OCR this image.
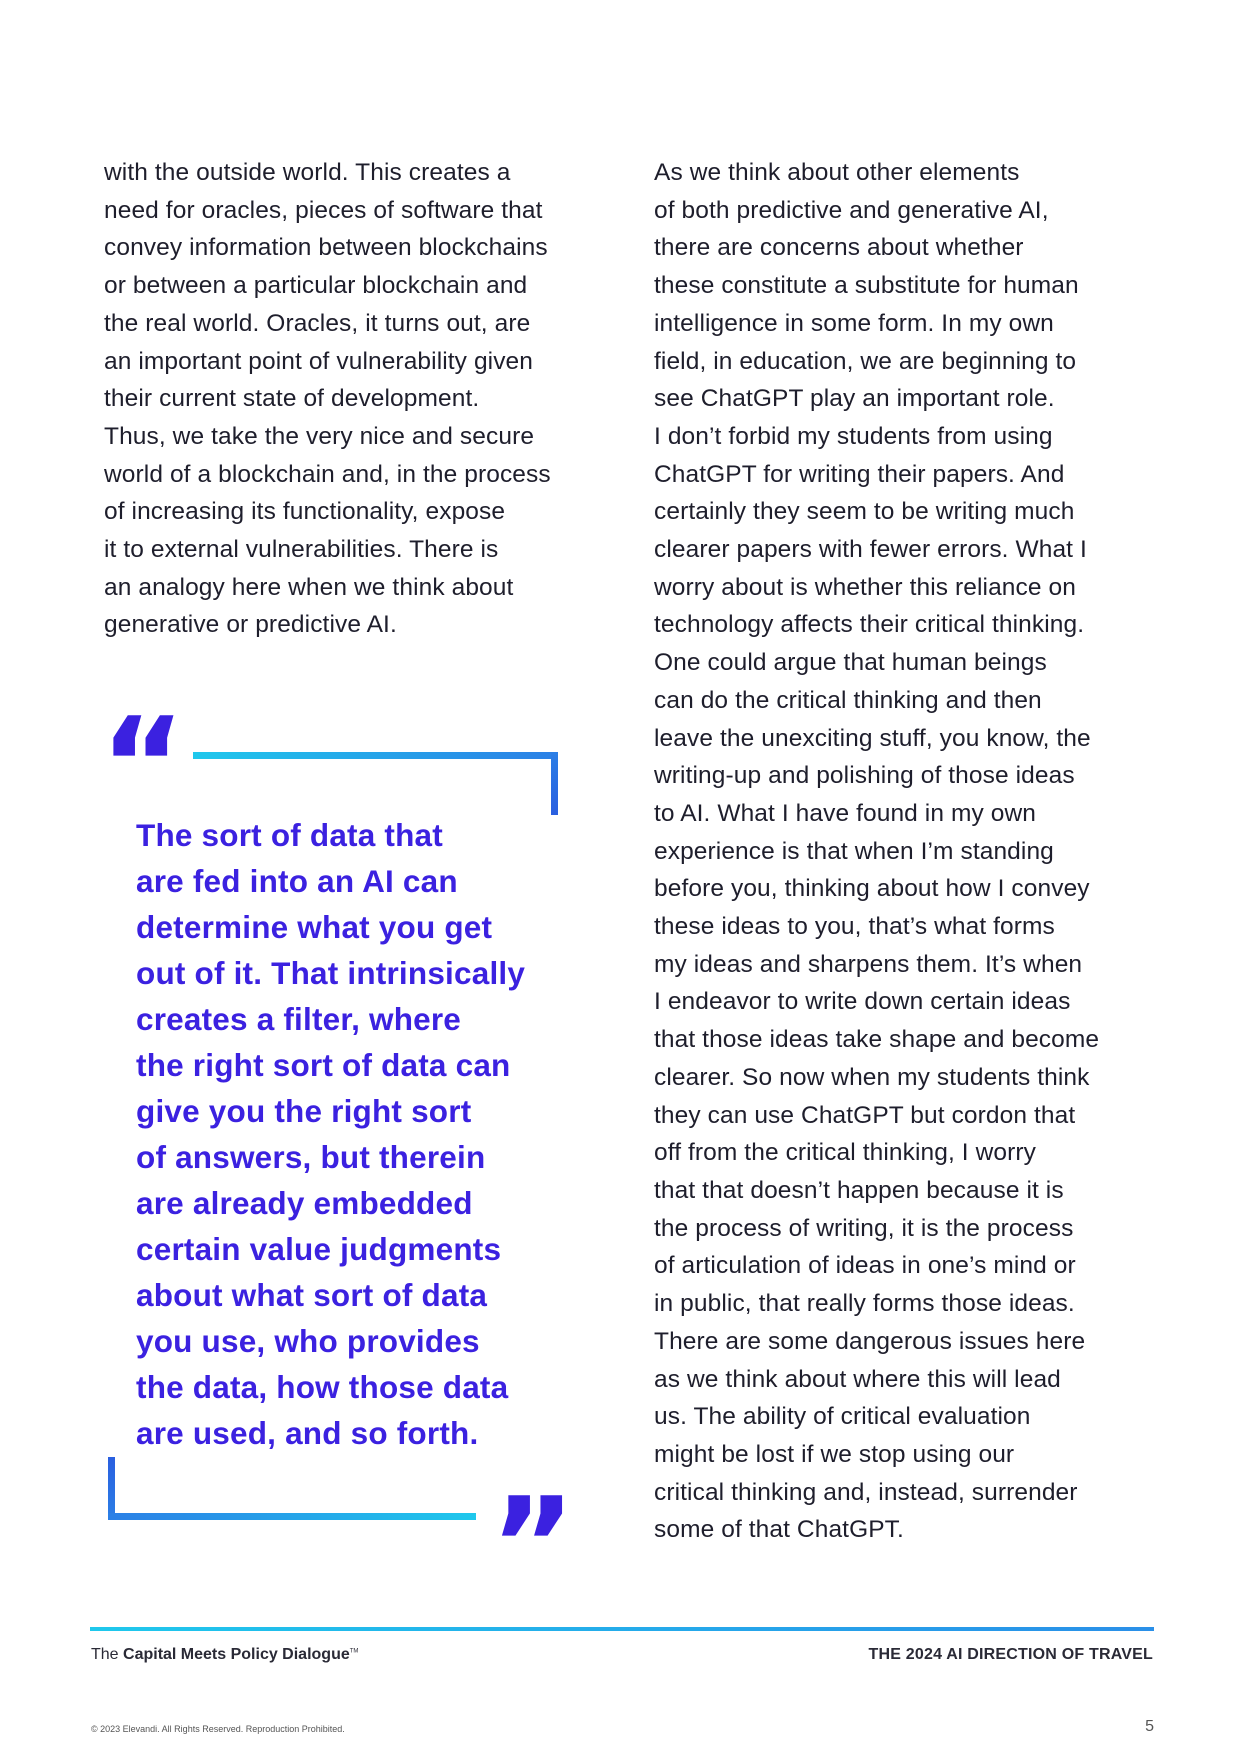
with the outside world. This creates a
need for oracles, pieces of software that
convey information between blockchains
or between a particular blockchain and
the real world. Oracles, it turns out, are
an important point of vulnerability given
their current state of development.
Thus, we take the very nice and secure
world of a blockchain and, in the process
of increasing its functionality, expose
it to external vulnerabilities. There is
an analogy here when we think about
generative or predictive AI.
“
”
The sort of data that
are fed into an AI can
determine what you get
out of it. That intrinsically
creates a filter, where
the right sort of data can
give you the right sort
of answers, but therein
are already embedded
certain value judgments
about what sort of data
you use, who provides
the data, how those data
are used, and so forth.
As we think about other elements
of both predictive and generative AI,
there are concerns about whether
these constitute a substitute for human
intelligence in some form. In my own
field, in education, we are beginning to
see ChatGPT play an important role.
I don’t forbid my students from using
ChatGPT for writing their papers. And
certainly they seem to be writing much
clearer papers with fewer errors. What I
worry about is whether this reliance on
technology affects their critical thinking.
One could argue that human beings
can do the critical thinking and then
leave the unexciting stuff, you know, the
writing-up and polishing of those ideas
to AI. What I have found in my own
experience is that when I’m standing
before you, thinking about how I convey
these ideas to you, that’s what forms
my ideas and sharpens them. It’s when
I endeavor to write down certain ideas
that those ideas take shape and become
clearer. So now when my students think
they can use ChatGPT but cordon that
off from the critical thinking, I worry
that that doesn’t happen because it is
the process of writing, it is the process
of articulation of ideas in one’s mind or
in public, that really forms those ideas.
There are some dangerous issues here
as we think about where this will lead
us. The ability of critical evaluation
might be lost if we stop using our
critical thinking and, instead, surrender
some of that ChatGPT.
The Capital Meets Policy Dialogue™	THE 2024 AI DIRECTION OF TRAVEL
© 2023 Elevandi. All Rights Reserved. Reproduction Prohibited.	5
